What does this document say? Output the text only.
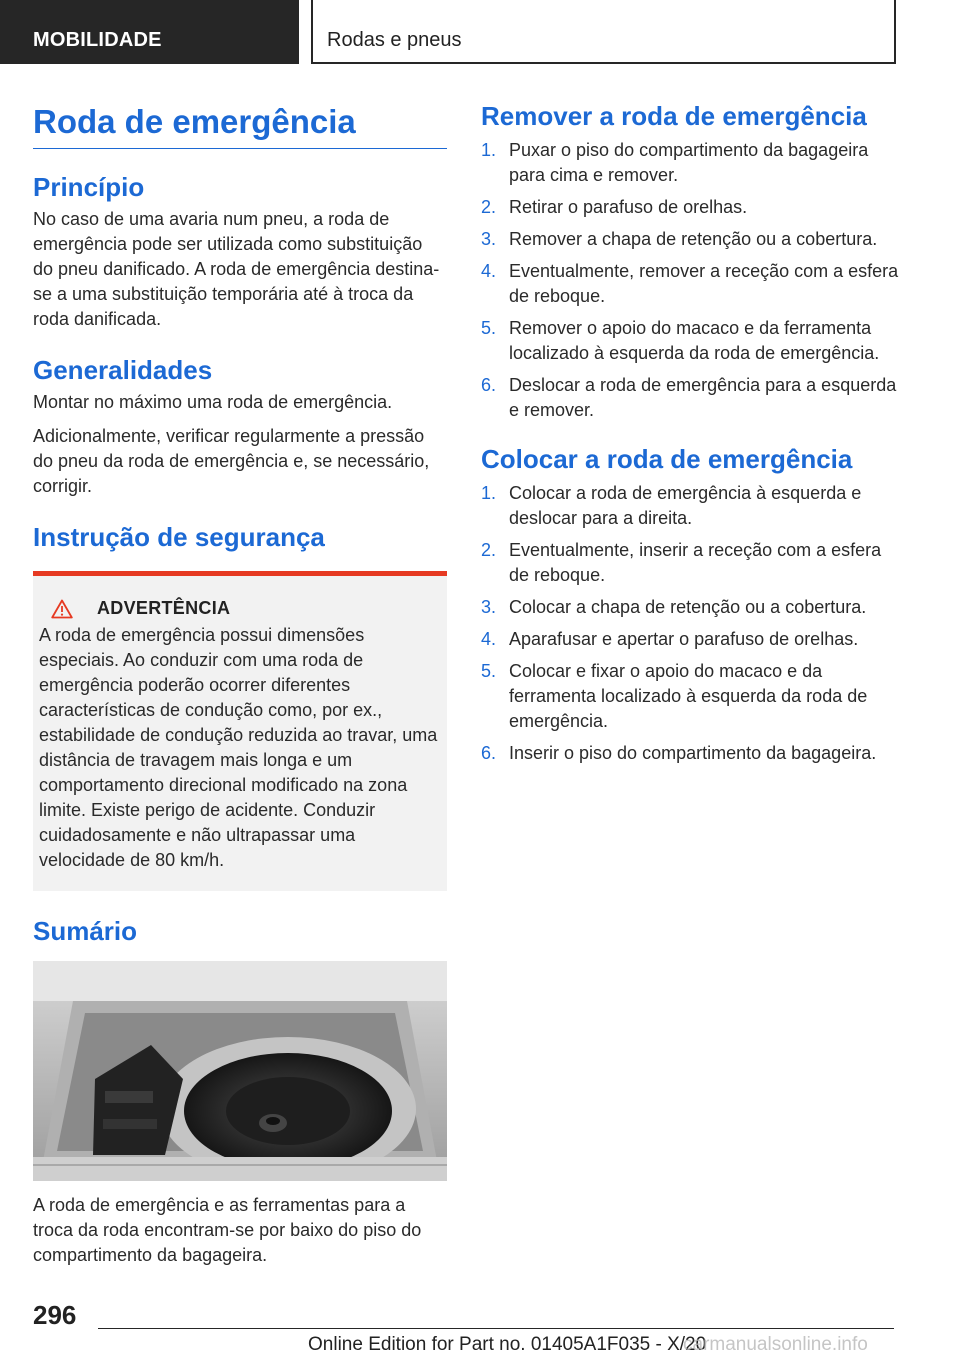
MOBILIDADE	Rodas e pneus
Roda de emergência
Princípio

No caso de uma avaria num pneu, a roda de emergência pode ser utilizada como substituição do pneu danificado. A roda de emergência destina-se a uma substituição temporária até à troca da roda danificada.

Generalidades

Montar no máximo uma roda de emergência.

Adicionalmente, verificar regularmente a pressão do pneu da roda de emergência e, se necessário, corrigir.

Instrução de segurança
ADVERTÊNCIA

A roda de emergência possui dimensões especiais. Ao conduzir com uma roda de emergência poderão ocorrer diferentes características de condução como, por ex., estabilidade de condução reduzida ao travar, uma distância de travagem mais longa e um comportamento direcional modificado na zona limite. Existe perigo de acidente. Conduzir cuidadosamente e não ultrapassar uma velocidade de 80 km/h.

Sumário

A roda de emergência e as ferramentas para a troca da roda encontram-se por baixo do piso do compartimento da bagageira.

Remover a roda de emergência
1. Puxar o piso do compartimento da bagageira para cima e remover.
2. Retirar o parafuso de orelhas.
3. Remover a chapa de retenção ou a cobertura.
4. Eventualmente, remover a receção com a esfera de reboque.
5. Remover o apoio do macaco e da ferramenta localizado à esquerda da roda de emergência.
6. Deslocar a roda de emergência para a esquerda e remover.
Colocar a roda de emergência
1. Colocar a roda de emergência à esquerda e deslocar para a direita.
2. Eventualmente, inserir a receção com a esfera de reboque.
3. Colocar a chapa de retenção ou a cobertura.
4. Aparafusar e apertar o parafuso de orelhas.
5. Colocar e fixar o apoio do macaco e da ferramenta localizado à esquerda da roda de emergência.
6. Inserir o piso do compartimento da bagageira.
296
Online Edition for Part no. 01405A1F035 - X/20
carmanualsonline.info
